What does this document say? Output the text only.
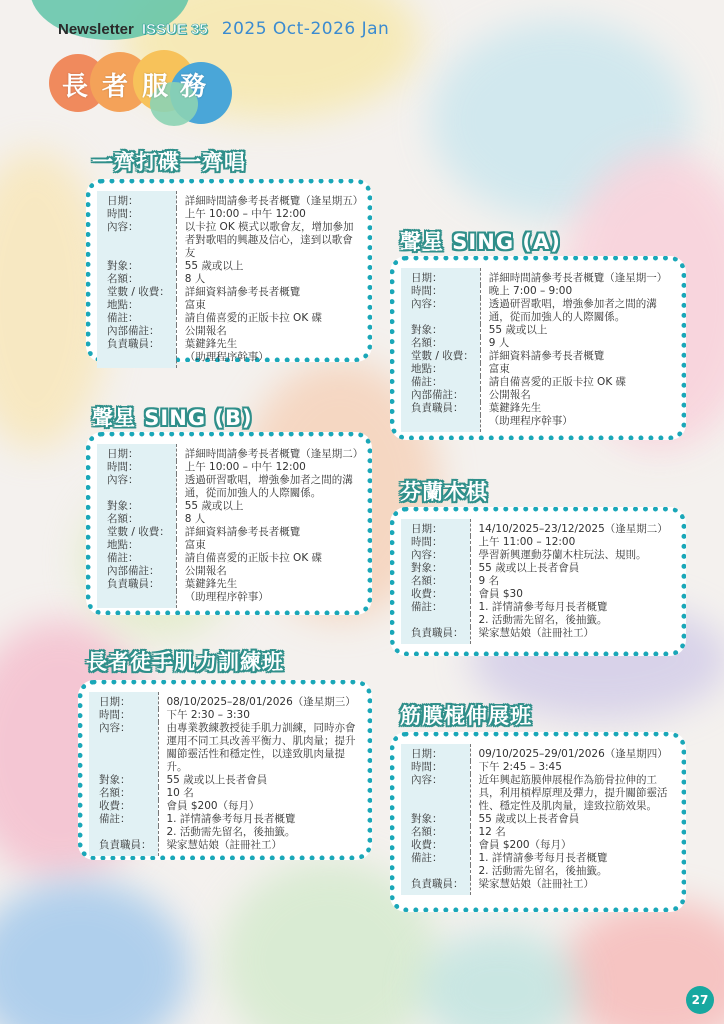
Newsletter ISSUE 35 2025 Oct-2026 Jan
長 者 服 務
一齊打碟一齊唱
日期：	詳細時間請參考長者概覽（逢星期五）
時間：	上午 10:00 – 中午 12:00
內容：	以卡拉 OK 模式以歌會友，增加參加者對歌唱的興趣及信心，達到以歌會友
對象：	55 歲或以上
名額：	8 人
堂數 / 收費：	詳細資料請參考長者概覽
地點：	富東
備註：	請自備喜愛的正版卡拉 OK 碟
內部備註：	公開報名
負責職員：	葉鍵鋒先生
	（助理程序幹事）
聲星 SING (A)
日期：	詳細時間請參考長者概覽（逢星期一）
時間：	晚上 7:00 – 9:00
內容：	透過研習歌唱，增強參加者之間的溝通，從而加強人的人際關係。
對象：	55 歲或以上
名額：	9 人
堂數 / 收費：	詳細資料請參考長者概覽
地點：	富東
備註：	請自備喜愛的正版卡拉 OK 碟
內部備註：	公開報名
負責職員：	葉鍵鋒先生
	（助理程序幹事）
聲星 SING (B)
日期：	詳細時間請參考長者概覽（逢星期二）
時間：	上午 10:00 – 中午 12:00
內容：	透過研習歌唱，增強參加者之間的溝通，從而加強人的人際關係。
對象：	55 歲或以上
名額：	8 人
堂數 / 收費：	詳細資料請參考長者概覽
地點：	富東
備註：	請自備喜愛的正版卡拉 OK 碟
內部備註：	公開報名
負責職員：	葉鍵鋒先生
	（助理程序幹事）
芬蘭木棋
日期：	14/10/2025–23/12/2025（逢星期二）
時間：	上午 11:00 – 12:00
內容：	學習新興運動芬蘭木柱玩法、規則。
對象：	55 歲或以上長者會員
名額：	9 名
收費：	會員 $30
備註：	1. 詳情請參考每月長者概覽
	2. 活動需先留名，後抽籤。
負責職員：	梁家慧姑娘（註冊社工）
長者徒手肌力訓練班
日期：	08/10/2025–28/01/2026（逢星期三）
時間：	下午 2:30 – 3:30
內容：	由專業教練教授徒手肌力訓練，同時亦會運用不同工具改善平衡力、肌肉量；提升關節靈活性和穩定性，以達致肌肉量提升。
對象：	55 歲或以上長者會員
名額：	10 名
收費：	會員 $200（每月）
備註：	1. 詳情請參考每月長者概覽
	2. 活動需先留名，後抽籤。
負責職員：	梁家慧姑娘（註冊社工）
筋膜棍伸展班
日期：	09/10/2025–29/01/2026（逢星期四）
時間：	下午 2:45 – 3:45
內容：	近年興起筋膜伸展棍作為筋骨拉伸的工具，利用槓桿原理及彈力，提升關節靈活性、穩定性及肌肉量，達致拉筋效果。
對象：	55 歲或以上長者會員
名額：	12 名
收費：	會員 $200（每月）
備註：	1. 詳情請參考每月長者概覽
	2. 活動需先留名，後抽籤。
負責職員：	梁家慧姑娘（註冊社工）
27
